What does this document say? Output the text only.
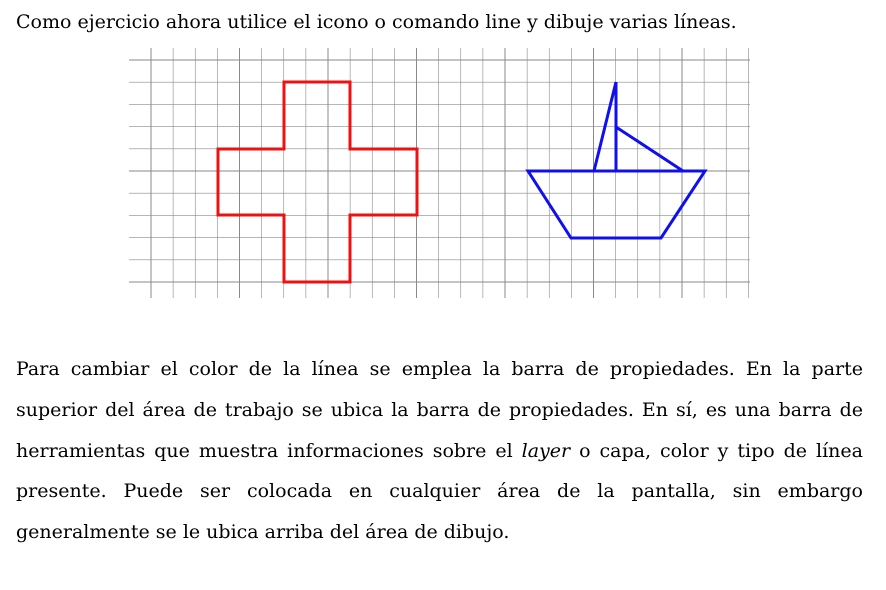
Como ejercicio ahora utilice el icono o comando line y dibuje varias líneas.
Para cambiar el color de la línea se emplea la barra de propiedades. En la parte superior del área de trabajo se ubica la barra de propiedades. En sí, es una barra de herramientas que muestra informaciones sobre el layer o capa, color y tipo de línea presente. Puede ser colocada en cualquier área de la pantalla, sin embargo generalmente se le ubica arriba del área de dibujo.
